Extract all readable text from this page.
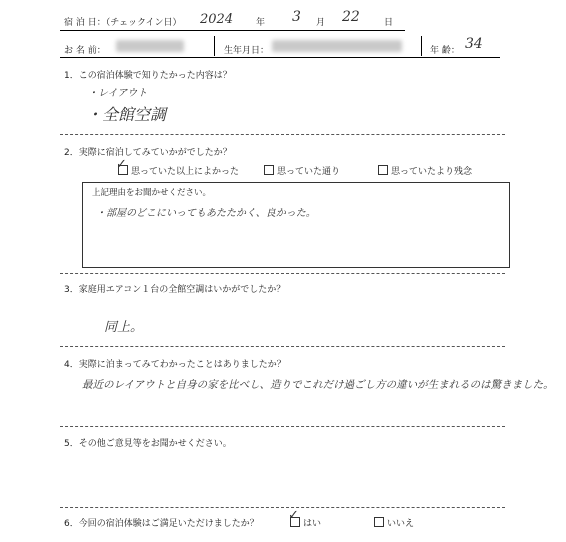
宿 泊 日：（チェックイン日） 2024	年 3 月 22	日
お 名 前：	生年月日：	年 齢： 34
1．この宿泊体験で知りたかった内容は？
・レイアウト
・全館空調
2．実際に宿泊してみていかがでしたか？
✓ 思っていた以上によかった	思っていた通り	思っていたより残念
上記理由をお聞かせください。
・部屋のどこにいってもあたたかく、良かった。
3．家庭用エアコン１台の全館空調はいかがでしたか？
同上。
4．実際に泊まってみてわかったことはありましたか？
最近のレイアウトと自身の家を比べし、造りでこれだけ過ごし方の違いが生まれるのは驚きました。
5．その他ご意見等をお聞かせください。
6．今回の宿泊体験はご満足いただけましたか？
✓
はい	いいえ
